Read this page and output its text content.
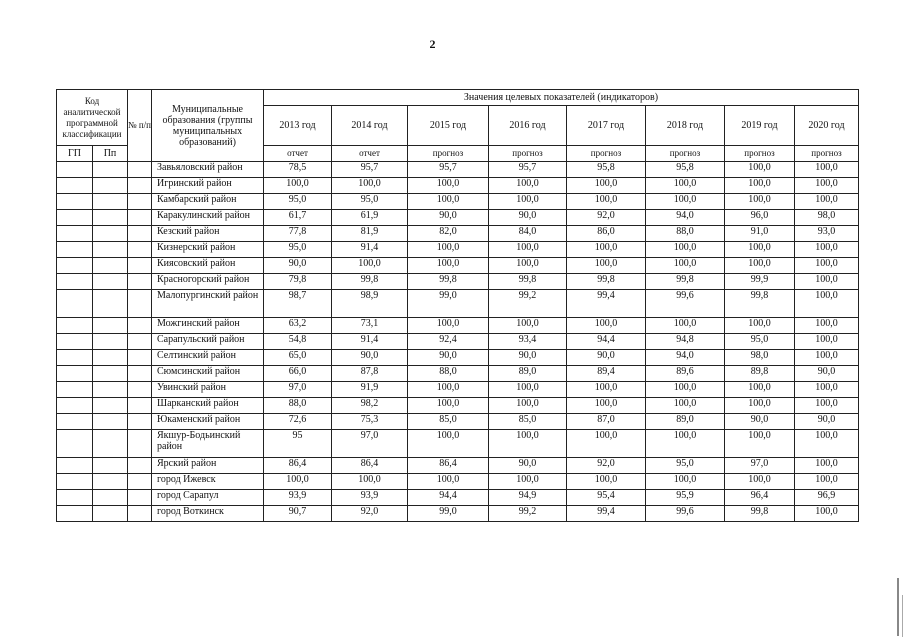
2
Код аналитической программной классификации		№ п/п	Муниципальные образования (группы муниципальных образований)	Значения целевых показателей (индикаторов)							
				2013 год	2014 год	2015 год	2016 год	2017 год	2018 год	2019 год	2020 год
ГП	Пп			отчет	отчет	прогноз	прогноз	прогноз	прогноз	прогноз	прогноз
			Завьяловский район	78,5	95,7	95,7	95,7	95,8	95,8	100,0	100,0
			Игринский район	100,0	100,0	100,0	100,0	100,0	100,0	100,0	100,0
			Камбарский район	95,0	95,0	100,0	100,0	100,0	100,0	100,0	100,0
			Каракулинский район	61,7	61,9	90,0	90,0	92,0	94,0	96,0	98,0
			Кезский район	77,8	81,9	82,0	84,0	86,0	88,0	91,0	93,0
			Кизнерский район	95,0	91,4	100,0	100,0	100,0	100,0	100,0	100,0
			Киясовский район	90,0	100,0	100,0	100,0	100,0	100,0	100,0	100,0
			Красногорский район	79,8	99,8	99,8	99,8	99,8	99,8	99,9	100,0
			Малопургинский район	98,7	98,9	99,0	99,2	99,4	99,6	99,8	100,0
			Можгинский район	63,2	73,1	100,0	100,0	100,0	100,0	100,0	100,0
			Сарапульский район	54,8	91,4	92,4	93,4	94,4	94,8	95,0	100,0
			Селтинский район	65,0	90,0	90,0	90,0	90,0	94,0	98,0	100,0
			Сюмсинский район	66,0	87,8	88,0	89,0	89,4	89,6	89,8	90,0
			Увинский район	97,0	91,9	100,0	100,0	100,0	100,0	100,0	100,0
			Шарканский район	88,0	98,2	100,0	100,0	100,0	100,0	100,0	100,0
			Юкаменский район	72,6	75,3	85,0	85,0	87,0	89,0	90,0	90,0
			Якшур-Бодьинский район	95	97,0	100,0	100,0	100,0	100,0	100,0	100,0
			Ярский район	86,4	86,4	86,4	90,0	92,0	95,0	97,0	100,0
			город Ижевск	100,0	100,0	100,0	100,0	100,0	100,0	100,0	100,0
			город Сарапул	93,9	93,9	94,4	94,9	95,4	95,9	96,4	96,9
			город Воткинск	90,7	92,0	99,0	99,2	99,4	99,6	99,8	100,0
